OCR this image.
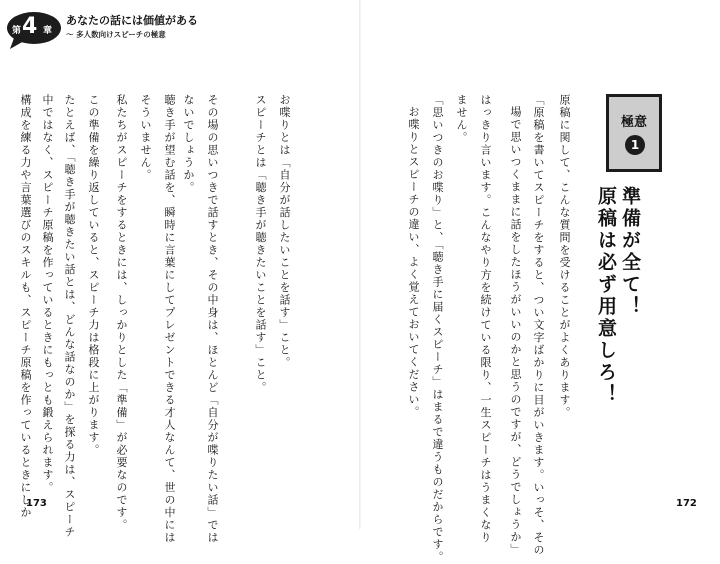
第 4 章
あなたの話には価値がある
〜 多人数向けスピーチの極意
極意
1
準備が全て！
原稿は必ず用意しろ！
原稿に関して、こんな質問を受けることがよくあります。
「原稿を書いてスピーチをすると、つい文字ばかりに目がいきます。いっそ、その
場で思いつくままに話をしたほうがいいのかと思うのですが、どうでしょうか」
はっきり言います。こんなやり方を続けている限り、一生スピーチはうまくなり
ません。
「思いつきのお喋り」と、「聴き手に届くスピーチ」はまるで違うものだからです。
お喋りとスピーチの違い、よく覚えておいてください。
172
お喋りとは「自分が話したいことを話す」こと。
スピーチとは「聴き手が聴きたいことを話す」こと。
その場の思いつきで話すとき、その中身は、ほとんど「自分が喋りたい話」では
ないでしょうか。
聴き手が望む話を、瞬時に言葉にしてプレゼントできる才人なんて、世の中には
そういません。
私たちがスピーチをするときには、しっかりとした「準備」が必要なのです。
この準備を繰り返していると、スピーチ力は格段に上がります。
たとえば、「聴き手が聴きたい話とは、どんな話なのか」を探る力は、スピーチ
中ではなく、スピーチ原稿を作っているときにもっとも鍛えられます。
構成を練る力や言葉選びのスキルも、スピーチ原稿を作っているときにしか
173
